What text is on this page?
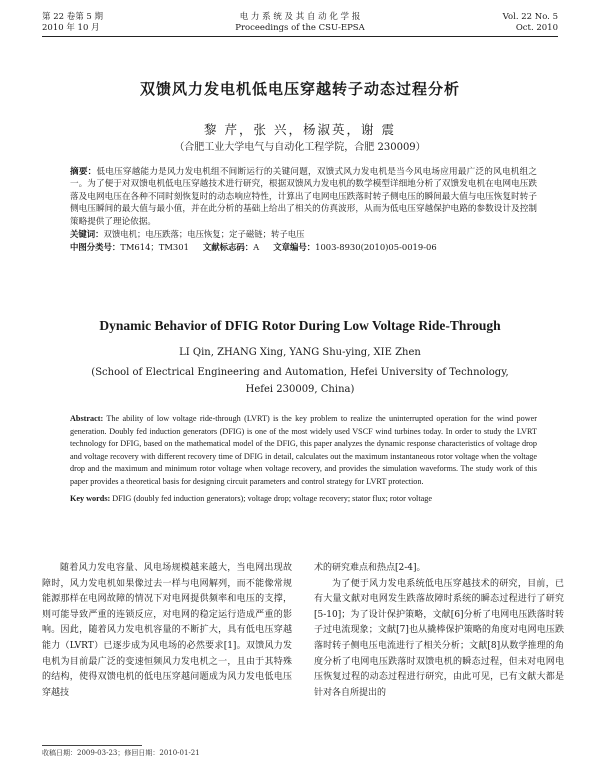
第 22 卷第 5 期
2010 年 10 月
电 力 系 统 及 其 自 动 化 学 报
Proceedings of the CSU-EPSA
Vol. 22 No. 5
Oct. 2010
双馈风力发电机低电压穿越转子动态过程分析
黎 芹，张 兴，杨淑英，谢 震
（合肥工业大学电气与自动化工程学院，合肥 230009）
摘要：低电压穿越能力是风力发电机组不间断运行的关键问题，双馈式风力发电机是当今风电场应用最广泛的风电机组之一。为了便于对双馈电机低电压穿越技术进行研究，根据双馈风力发电机的数学模型详细地分析了双馈发电机在电网电压跌落及电网电压在各种不同时刻恢复时的动态响应特性，计算出了电网电压跌落时转子侧电压的瞬间最大值与电压恢复时转子侧电压瞬间的最大值与最小值，并在此分析的基础上给出了相关的仿真波形，从而为低电压穿越保护电路的参数设计及控制策略提供了理论依据。
关键词：双馈电机；电压跌落；电压恢复；定子磁链；转子电压
中图分类号：TM614；TM301 文献标志码：A 文章编号：1003-8930(2010)05-0019-06
Dynamic Behavior of DFIG Rotor During Low Voltage Ride-Through
LI Qin, ZHANG Xing, YANG Shu-ying, XIE Zhen
(School of Electrical Engineering and Automation, Hefei University of Technology,
Hefei 230009, China)
Abstract: The ability of low voltage ride-through (LVRT) is the key problem to realize the uninterrupted operation for the wind power generation. Doubly fed induction generators (DFIG) is one of the most widely used VSCF wind turbines today. In order to study the LVRT technology for DFIG, based on the mathematical model of the DFIG, this paper analyzes the dynamic response characteristics of voltage drop and voltage recovery with different recovery time of DFIG in detail, calculates out the maximum instantaneous rotor voltage when the voltage drop and the maximum and minimum rotor voltage when voltage recovery, and provides the simulation waveforms. The study work of this paper provides a theoretical basis for designing circuit parameters and control strategy for LVRT protection.
Key words: DFIG (doubly fed induction generators); voltage drop; voltage recovery; stator flux; rotor voltage
随着风力发电容量、风电场规模越来越大，当电网出现故障时，风力发电机如果像过去一样与电网解列，而不能像常规能源那样在电网故障的情况下对电网提供频率和电压的支撑，则可能导致严重的连锁反应，对电网的稳定运行造成严重的影响。因此，随着风力发电机容量的不断扩大，具有低电压穿越能力（LVRT）已逐步成为风电场的必然要求[1]。双馈风力发电机为目前最广泛的变速恒频风力发电机之一，且由于其特殊的结构，使得双馈电机的低电压穿越问题成为风力发电低电压穿越技
术的研究难点和热点[2-4]。
为了便于风力发电系统低电压穿越技术的研究，目前，已有大量文献对电网发生跌落故障时系统的瞬态过程进行了研究[5-10]；为了设计保护策略，文献[6]分析了电网电压跌落时转子过电流现象；文献[7]也从撬棒保护策略的角度对电网电压跌落时转子侧电压电流进行了相关分析；文献[8]从数学推理的角度分析了电网电压跌落时双馈电机的瞬态过程，但未对电网电压恢复过程的动态过程进行研究，由此可见，已有文献大都是针对各自所提出的
收稿日期：2009-03-23；修回日期：2010-01-21
